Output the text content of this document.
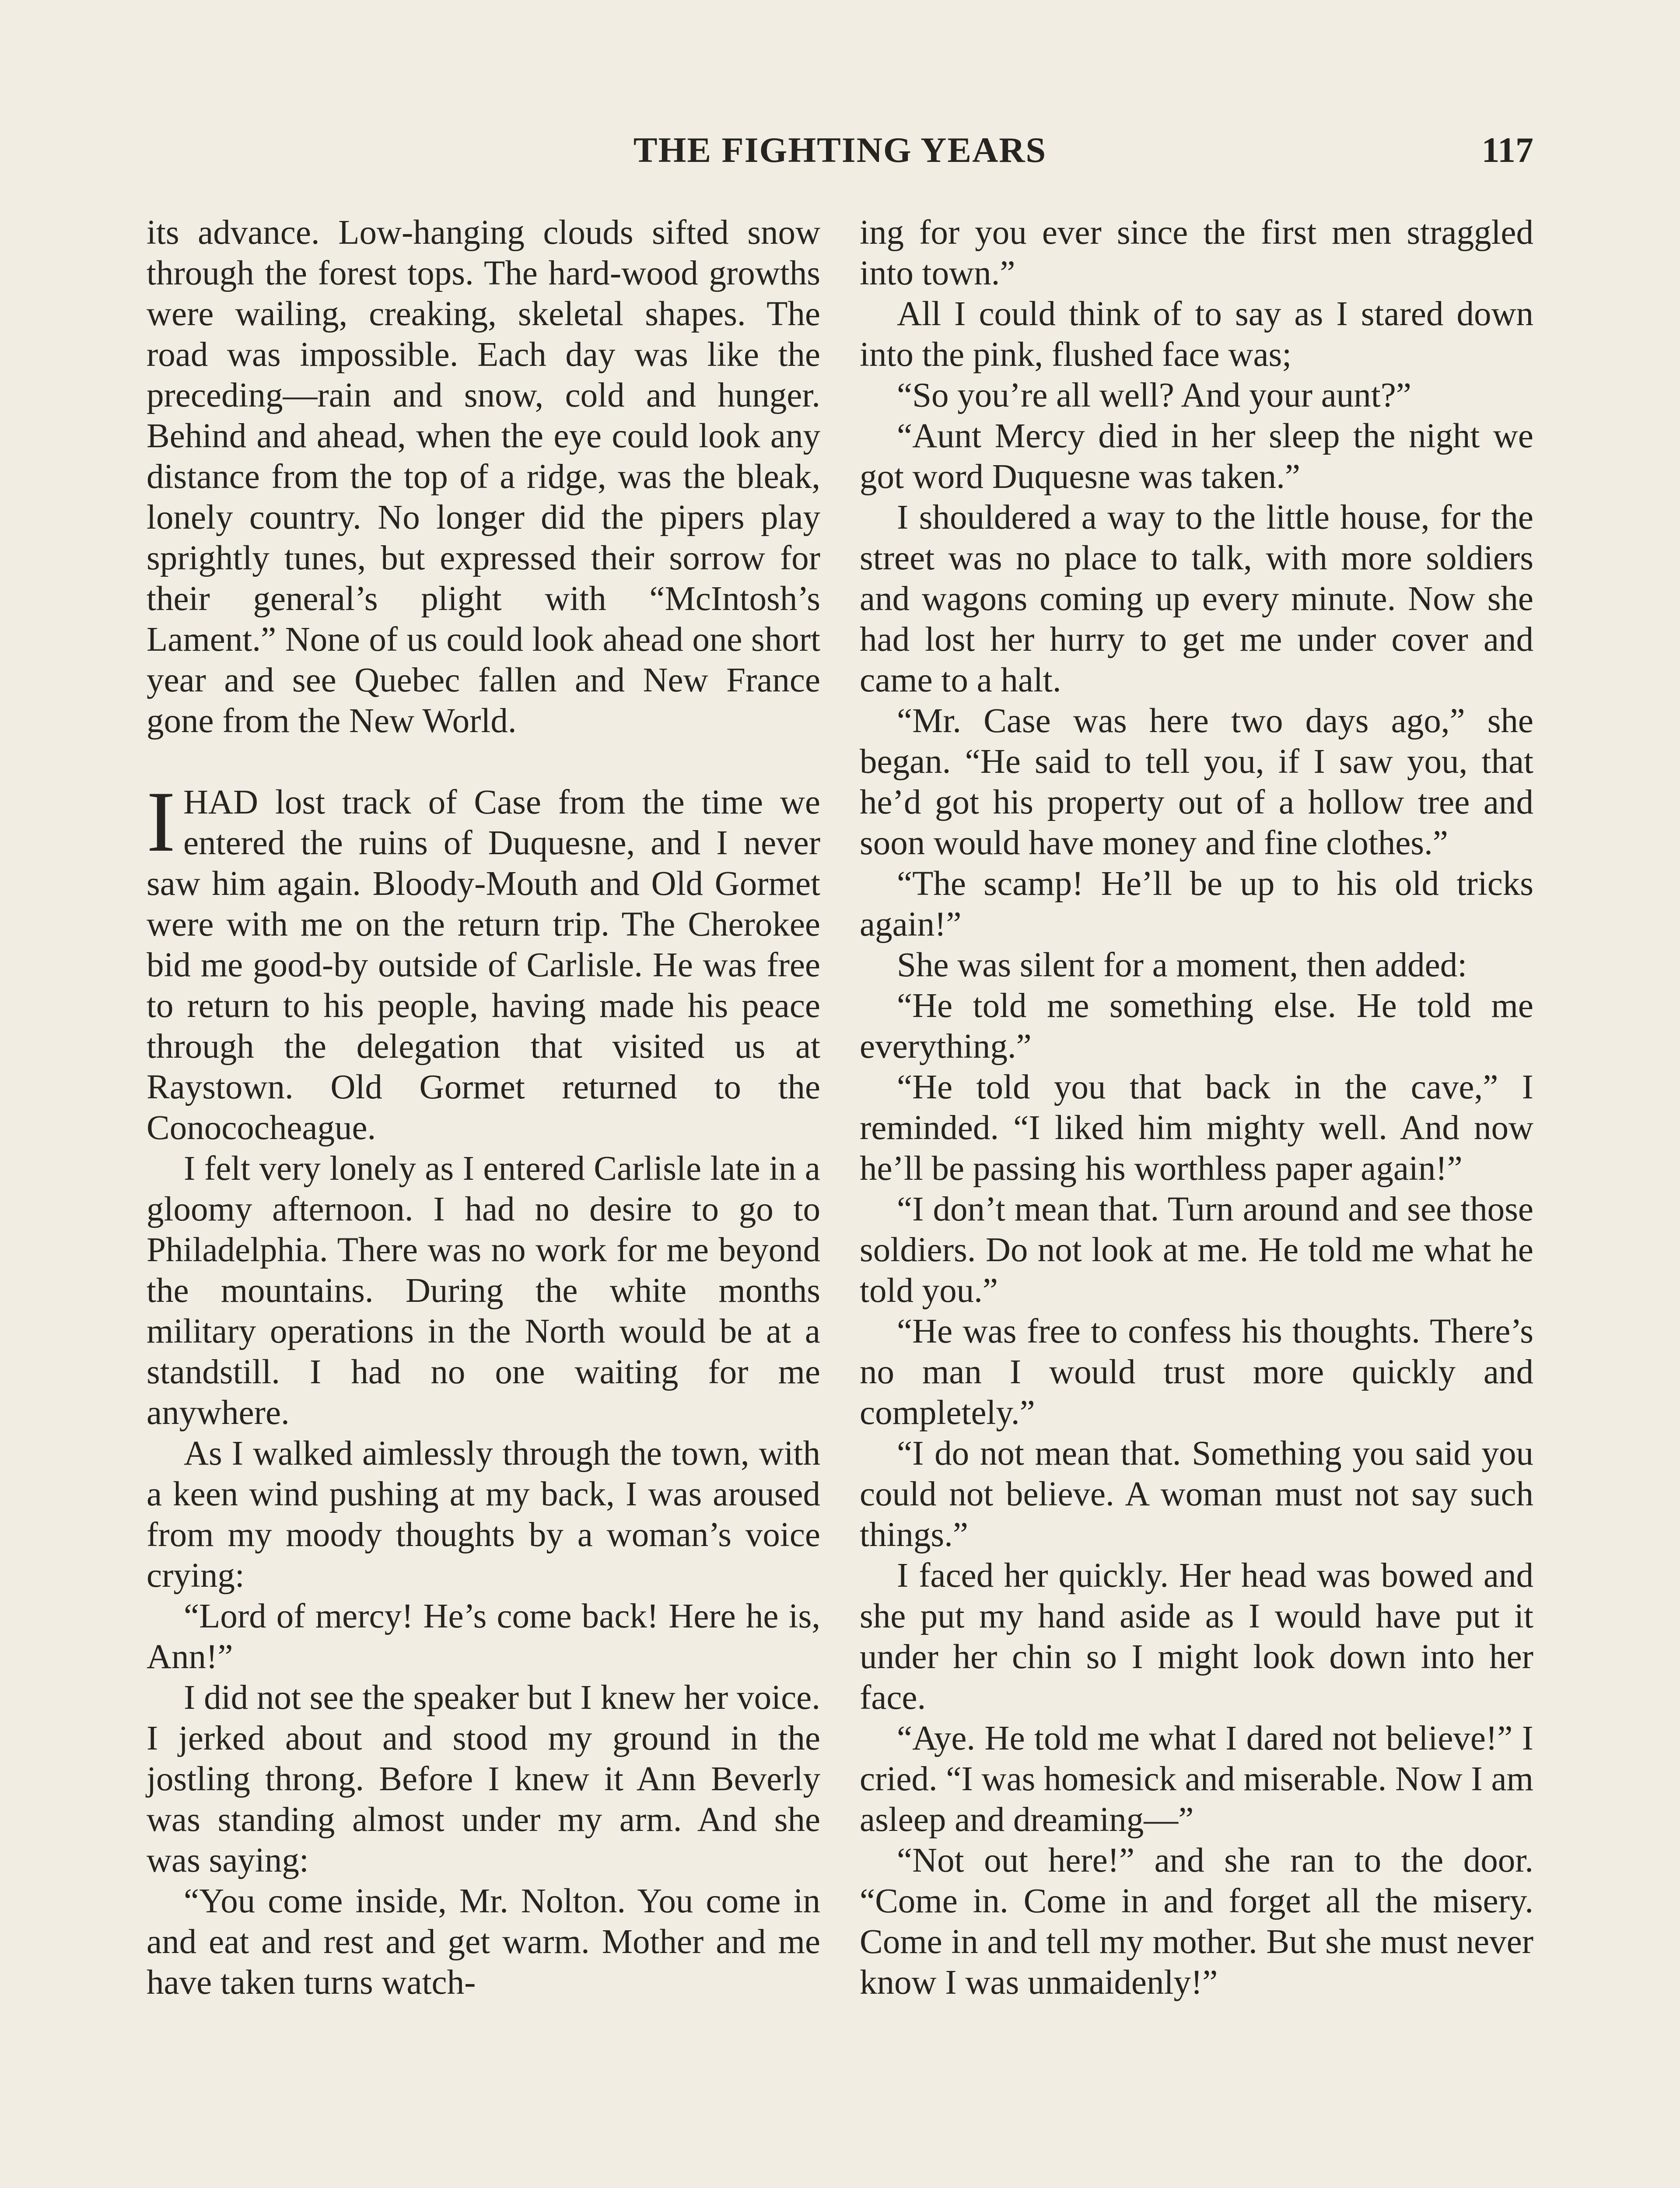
THE FIGHTING YEARS	117

its advance. Low-hanging clouds sifted snow through the forest tops. The hard-wood growths were wailing, creaking, skeletal shapes. The road was impossible. Each day was like the preceding—rain and snow, cold and hunger. Behind and ahead, when the eye could look any distance from the top of a ridge, was the bleak, lonely country. No longer did the pipers play sprightly tunes, but expressed their sorrow for their general’s plight with “McIntosh’s Lament.” None of us could look ahead one short year and see Quebec fallen and New France gone from the New World.

IHAD lost track of Case from the time we entered the ruins of Duquesne, and I never saw him again. Bloody-Mouth and Old Gormet were with me on the return trip. The Cherokee bid me good-by outside of Carlisle. He was free to return to his people, having made his peace through the delegation that visited us at Raystown. Old Gormet returned to the Conococheague.

I felt very lonely as I entered Carlisle late in a gloomy afternoon. I had no desire to go to Philadelphia. There was no work for me beyond the mountains. During the white months military operations in the North would be at a standstill. I had no one waiting for me anywhere.

As I walked aimlessly through the town, with a keen wind pushing at my back, I was aroused from my moody thoughts by a woman’s voice crying:

“Lord of mercy! He’s come back! Here he is, Ann!”

I did not see the speaker but I knew her voice. I jerked about and stood my ground in the jostling throng. Before I knew it Ann Beverly was standing almost under my arm. And she was saying:

“You come inside, Mr. Nolton. You come in and eat and rest and get warm. Mother and me have taken turns watch-

ing for you ever since the first men straggled into town.”

All I could think of to say as I stared down into the pink, flushed face was;

“So you’re all well? And your aunt?”

“Aunt Mercy died in her sleep the night we got word Duquesne was taken.”

I shouldered a way to the little house, for the street was no place to talk, with more soldiers and wagons coming up every minute. Now she had lost her hurry to get me under cover and came to a halt.

“Mr. Case was here two days ago,” she began. “He said to tell you, if I saw you, that he’d got his property out of a hollow tree and soon would have money and fine clothes.”

“The scamp! He’ll be up to his old tricks again!”

She was silent for a moment, then added:

“He told me something else. He told me everything.”

“He told you that back in the cave,” I reminded. “I liked him mighty well. And now he’ll be passing his worthless paper again!”

“I don’t mean that. Turn around and see those soldiers. Do not look at me. He told me what he told you.”

“He was free to confess his thoughts. There’s no man I would trust more quickly and completely.”

“I do not mean that. Something you said you could not believe. A woman must not say such things.”

I faced her quickly. Her head was bowed and she put my hand aside as I would have put it under her chin so I might look down into her face.

“Aye. He told me what I dared not believe!” I cried. “I was homesick and miserable. Now I am asleep and dreaming—”

“Not out here!” and she ran to the door. “Come in. Come in and forget all the misery. Come in and tell my mother. But she must never know I was unmaidenly!”
